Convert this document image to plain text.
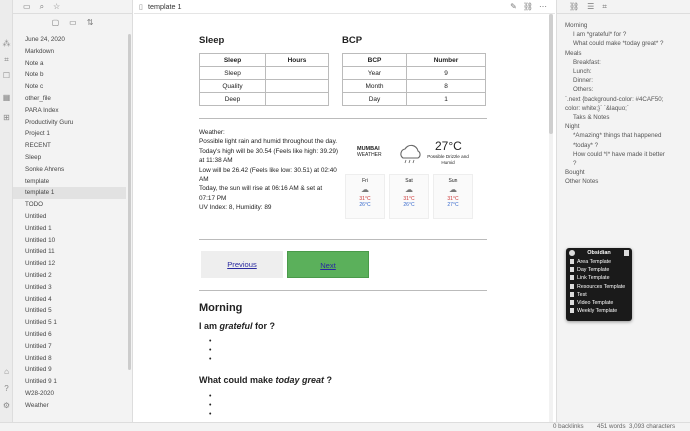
⁂
⌗
☐
▦
⊞
⌂
?
⚙
▭ ⌕ ☆
▢ ▭ ⇅
June 24, 2020
Markdown
Note a
Note b
Note c
other_file
PARA Index
Productivity Guru
Project 1
RECENT
Sleep
Sonke Ahrens
template
template 1
TODO
Untitled
Untitled 1
Untitled 10
Untitled 11
Untitled 12
Untitled 2
Untitled 3
Untitled 4
Untitled 5
Untitled 5 1
Untitled 6
Untitled 7
Untitled 8
Untitled 9
Untitled 9 1
W28-2020
Weather
▯ template 1	✎ ⛓ ⋯
Sleep
Sleep	Hours
Sleep	
Quality	
Deep	
BCP
BCP	Number
Year	9
Month	8
Day	1
Weather:
Possible light rain and humid throughout the day.
Today's high will be 30.54 (Feels like high: 39.29) at 11:38 AM
Low will be 26.42 (Feels like low: 30.51) at 02:40 AM
Today, the sun will rise at 06:16 AM & set at 07:17 PM
UV Index: 8, Humidity: 89
MUMBAI
WEATHER
27°C
Possible Drizzle and Humid
Fri
☁
31°C
26°C
Sat
☁
31°C
26°C
Sun
☁
31°C
27°C
Previous	Next
Morning
I am grateful for ?
•
•
•
What could make today great ?
•
•
•
⛓ ☰ ⌗
Morning
I am *grateful* for ?
What could make *today great* ?
Meals
Breakfast:
Lunch:
Dinner:
Others:
`.next {background-color: #4CAF50;
color: white;}` `&laquo;`
Taks & Notes
Night
*Amazing* things that happened
*today* ?
How could *I* have made it better
?
Bought
Other Notes
Obsidian
Area Template
Day Template
Link Template
Resources Template
Test
Video Template
Weekly Template
0 backlinks 451 words 3,093 characters
